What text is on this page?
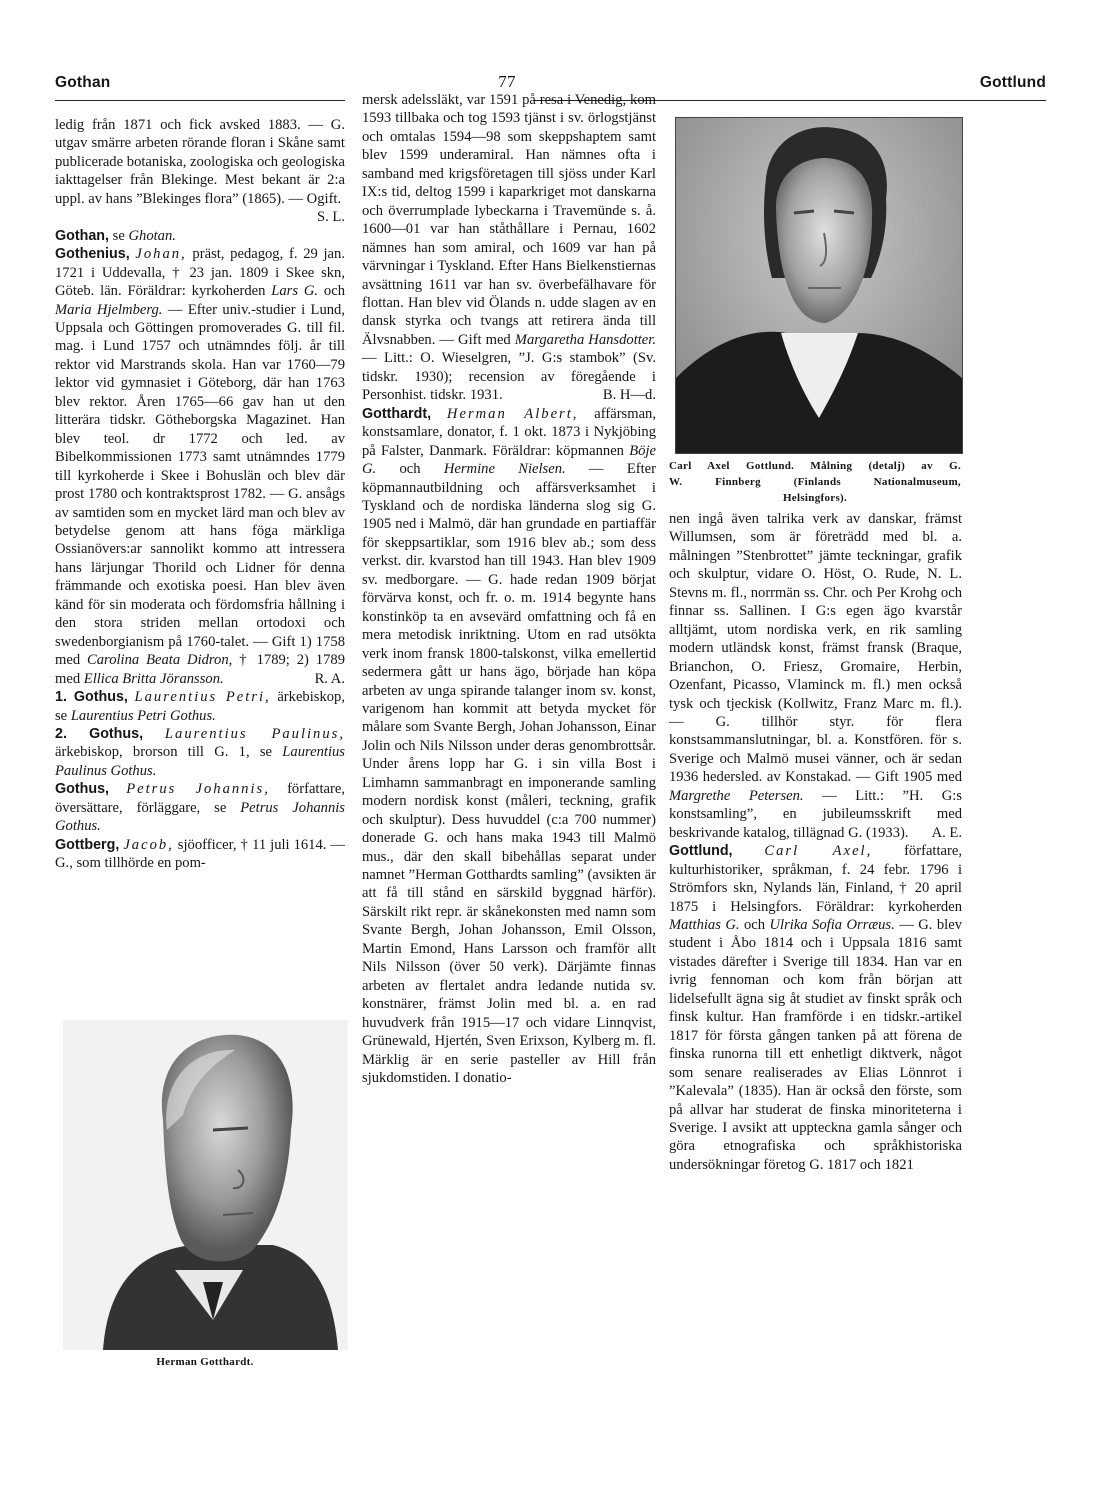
Gothan	77	Gottlund

ledig från 1871 och fick avsked 1883. — G. utgav smärre arbeten rörande floran i Skåne samt publicerade botaniska, zoologiska och geologiska iakttagelser från Blekinge. Mest bekant är 2:a uppl. av hans ”Blekinges flora” (1865). — Ogift.
S. L.

Gothan, se Ghotan.

Gothenius, Johan, präst, pedagog, f. 29 jan. 1721 i Uddevalla, † 23 jan. 1809 i Skee skn, Göteb. län. Föräldrar: kyrkoherden Lars G. och Maria Hjelmberg. — Efter univ.-studier i Lund, Uppsala och Göttingen promoverades G. till fil. mag. i Lund 1757 och utnämndes följ. år till rektor vid Marstrands skola. Han var 1760—79 lektor vid gymnasiet i Göteborg, där han 1763 blev rektor. Åren 1765—66 gav han ut den litterära tidskr. Götheborgska Magazinet. Han blev teol. dr 1772 och led. av Bibelkommissionen 1773 samt utnämndes 1779 till kyrkoherde i Skee i Bohuslän och blev där prost 1780 och kontraktsprost 1782. — G. ansågs av samtiden som en mycket lärd man och blev av betydelse genom att hans föga märkliga Ossianövers:ar sannolikt kommo att intressera hans lärjungar Thorild och Lidner för denna främmande och exotiska poesi. Han blev även känd för sin moderata och fördomsfria hållning i den stora striden mellan ortodoxi och swedenborgianism på 1760-talet. — Gift 1) 1758 med Carolina Beata Didron, † 1789; 2) 1789 med Ellica Britta Jöransson.	R. A.

1. Gothus, Laurentius Petri, ärkebiskop, se Laurentius Petri Gothus.

2. Gothus, Laurentius Paulinus, ärkebiskop, brorson till G. 1, se Laurentius Paulinus Gothus.

Gothus, Petrus Johannis, författare, översättare, förläggare, se Petrus Johannis Gothus.

Gottberg, Jacob, sjöofficer, † 11 juli 1614. — G., som tillhörde en pom-

Herman Gotthardt.

mersk adelssläkt, var 1591 på resa i Venedig, kom 1593 tillbaka och tog 1593 tjänst i sv. örlogstjänst och omtalas 1594—98 som skeppshaptem samt blev 1599 underamiral. Han nämnes ofta i samband med krigsföretagen till sjöss under Karl IX:s tid, deltog 1599 i kaparkriget mot danskarna och överrumplade lybeckarna i Travemünde s. å. 1600—01 var han ståthållare i Pernau, 1602 nämnes han som amiral, och 1609 var han på värvningar i Tyskland. Efter Hans Bielkenstiernas avsättning 1611 var han sv. överbefälhavare för flottan. Han blev vid Ölands n. udde slagen av en dansk styrka och tvangs att retirera ända till Älvsnabben. — Gift med Margaretha Hansdotter. — Litt.: O. Wieselgren, ”J. G:s stambok” (Sv. tidskr. 1930); recension av föregående i Personhist. tidskr. 1931.	B. H—d.

Gotthardt, Herman Albert, affärsman, konstsamlare, donator, f. 1 okt. 1873 i Nykjöbing på Falster, Danmark. Föräldrar: köpmannen Böje G. och Hermine Nielsen. — Efter köpmannautbildning och affärsverksamhet i Tyskland och de nordiska länderna slog sig G. 1905 ned i Malmö, där han grundade en partiaffär för skeppsartiklar, som 1916 blev ab.; som dess verkst. dir. kvarstod han till 1943. Han blev 1909 sv. medborgare. — G. hade redan 1909 börjat förvärva konst, och fr. o. m. 1914 begynte hans konstinköp ta en avsevärd omfattning och få en mera metodisk inriktning. Utom en rad utsökta verk inom fransk 1800-talskonst, vilka emellertid sedermera gått ur hans ägo, började han köpa arbeten av unga spirande talanger inom sv. konst, varigenom han kommit att betyda mycket för målare som Svante Bergh, Johan Johansson, Einar Jolin och Nils Nilsson under deras genombrottsår. Under årens lopp har G. i sin villa Bost i Limhamn sammanbragt en imponerande samling modern nordisk konst (måleri, teckning, grafik och skulptur). Dess huvuddel (c:a 700 nummer) donerade G. och hans maka 1943 till Malmö mus., där den skall bibehållas separat under namnet ”Herman Gotthardts samling” (avsikten är att få till stånd en särskild byggnad härför). Särskilt rikt repr. är skånekonsten med namn som Svante Bergh, Johan Johansson, Emil Olsson, Martin Emond, Hans Larsson och framför allt Nils Nilsson (över 50 verk). Därjämte finnas arbeten av flertalet andra ledande nutida sv. konstnärer, främst Jolin med bl. a. en rad huvudverk från 1915—17 och vidare Linnqvist, Grünewald, Hjertén, Sven Erixson, Kylberg m. fl. Märklig är en serie pasteller av Hill från sjukdomstiden. I donatio-

Carl Axel Gottlund. Målning (detalj) av G.
W. Finnberg (Finlands Nationalmuseum,
Helsingfors).

nen ingå även talrika verk av danskar, främst Willumsen, som är företrädd med bl. a. målningen ”Stenbrottet” jämte teckningar, grafik och skulptur, vidare O. Höst, O. Rude, N. L. Stevns m. fl., norrmän ss. Chr. och Per Krohg och finnar ss. Sallinen. I G:s egen ägo kvarstår alltjämt, utom nordiska verk, en rik samling modern utländsk konst, främst fransk (Braque, Brianchon, O. Friesz, Gromaire, Herbin, Ozenfant, Picasso, Vlaminck m. fl.) men också tysk och tjeckisk (Kollwitz, Franz Marc m. fl.). — G. tillhör styr. för flera konstsammanslutningar, bl. a. Konstfören. för s. Sverige och Malmö musei vänner, och är sedan 1936 hedersled. av Konstakad. — Gift 1905 med Margrethe Petersen. — Litt.: ”H. G:s konstsamling”, en jubileumsskrift med beskrivande katalog, tillägnad G. (1933). A. E.

Gottlund, Carl Axel, författare, kulturhistoriker, språkman, f. 24 febr. 1796 i Strömfors skn, Nylands län, Finland, † 20 april 1875 i Helsingfors. Föräldrar: kyrkoherden Matthias G. och Ulrika Sofia Orræus. — G. blev student i Åbo 1814 och i Uppsala 1816 samt vistades därefter i Sverige till 1834. Han var en ivrig fennoman och kom från början att lidelsefullt ägna sig åt studiet av finskt språk och finsk kultur. Han framförde i en tidskr.-artikel 1817 för första gången tanken på att förena de finska runorna till ett enhetligt diktverk, något som senare realiserades av Elias Lönnrot i ”Kalevala” (1835). Han är också den förste, som på allvar har studerat de finska minoriteterna i Sverige. I avsikt att uppteckna gamla sånger och göra etnografiska och språkhistoriska undersökningar företog G. 1817 och 1821
